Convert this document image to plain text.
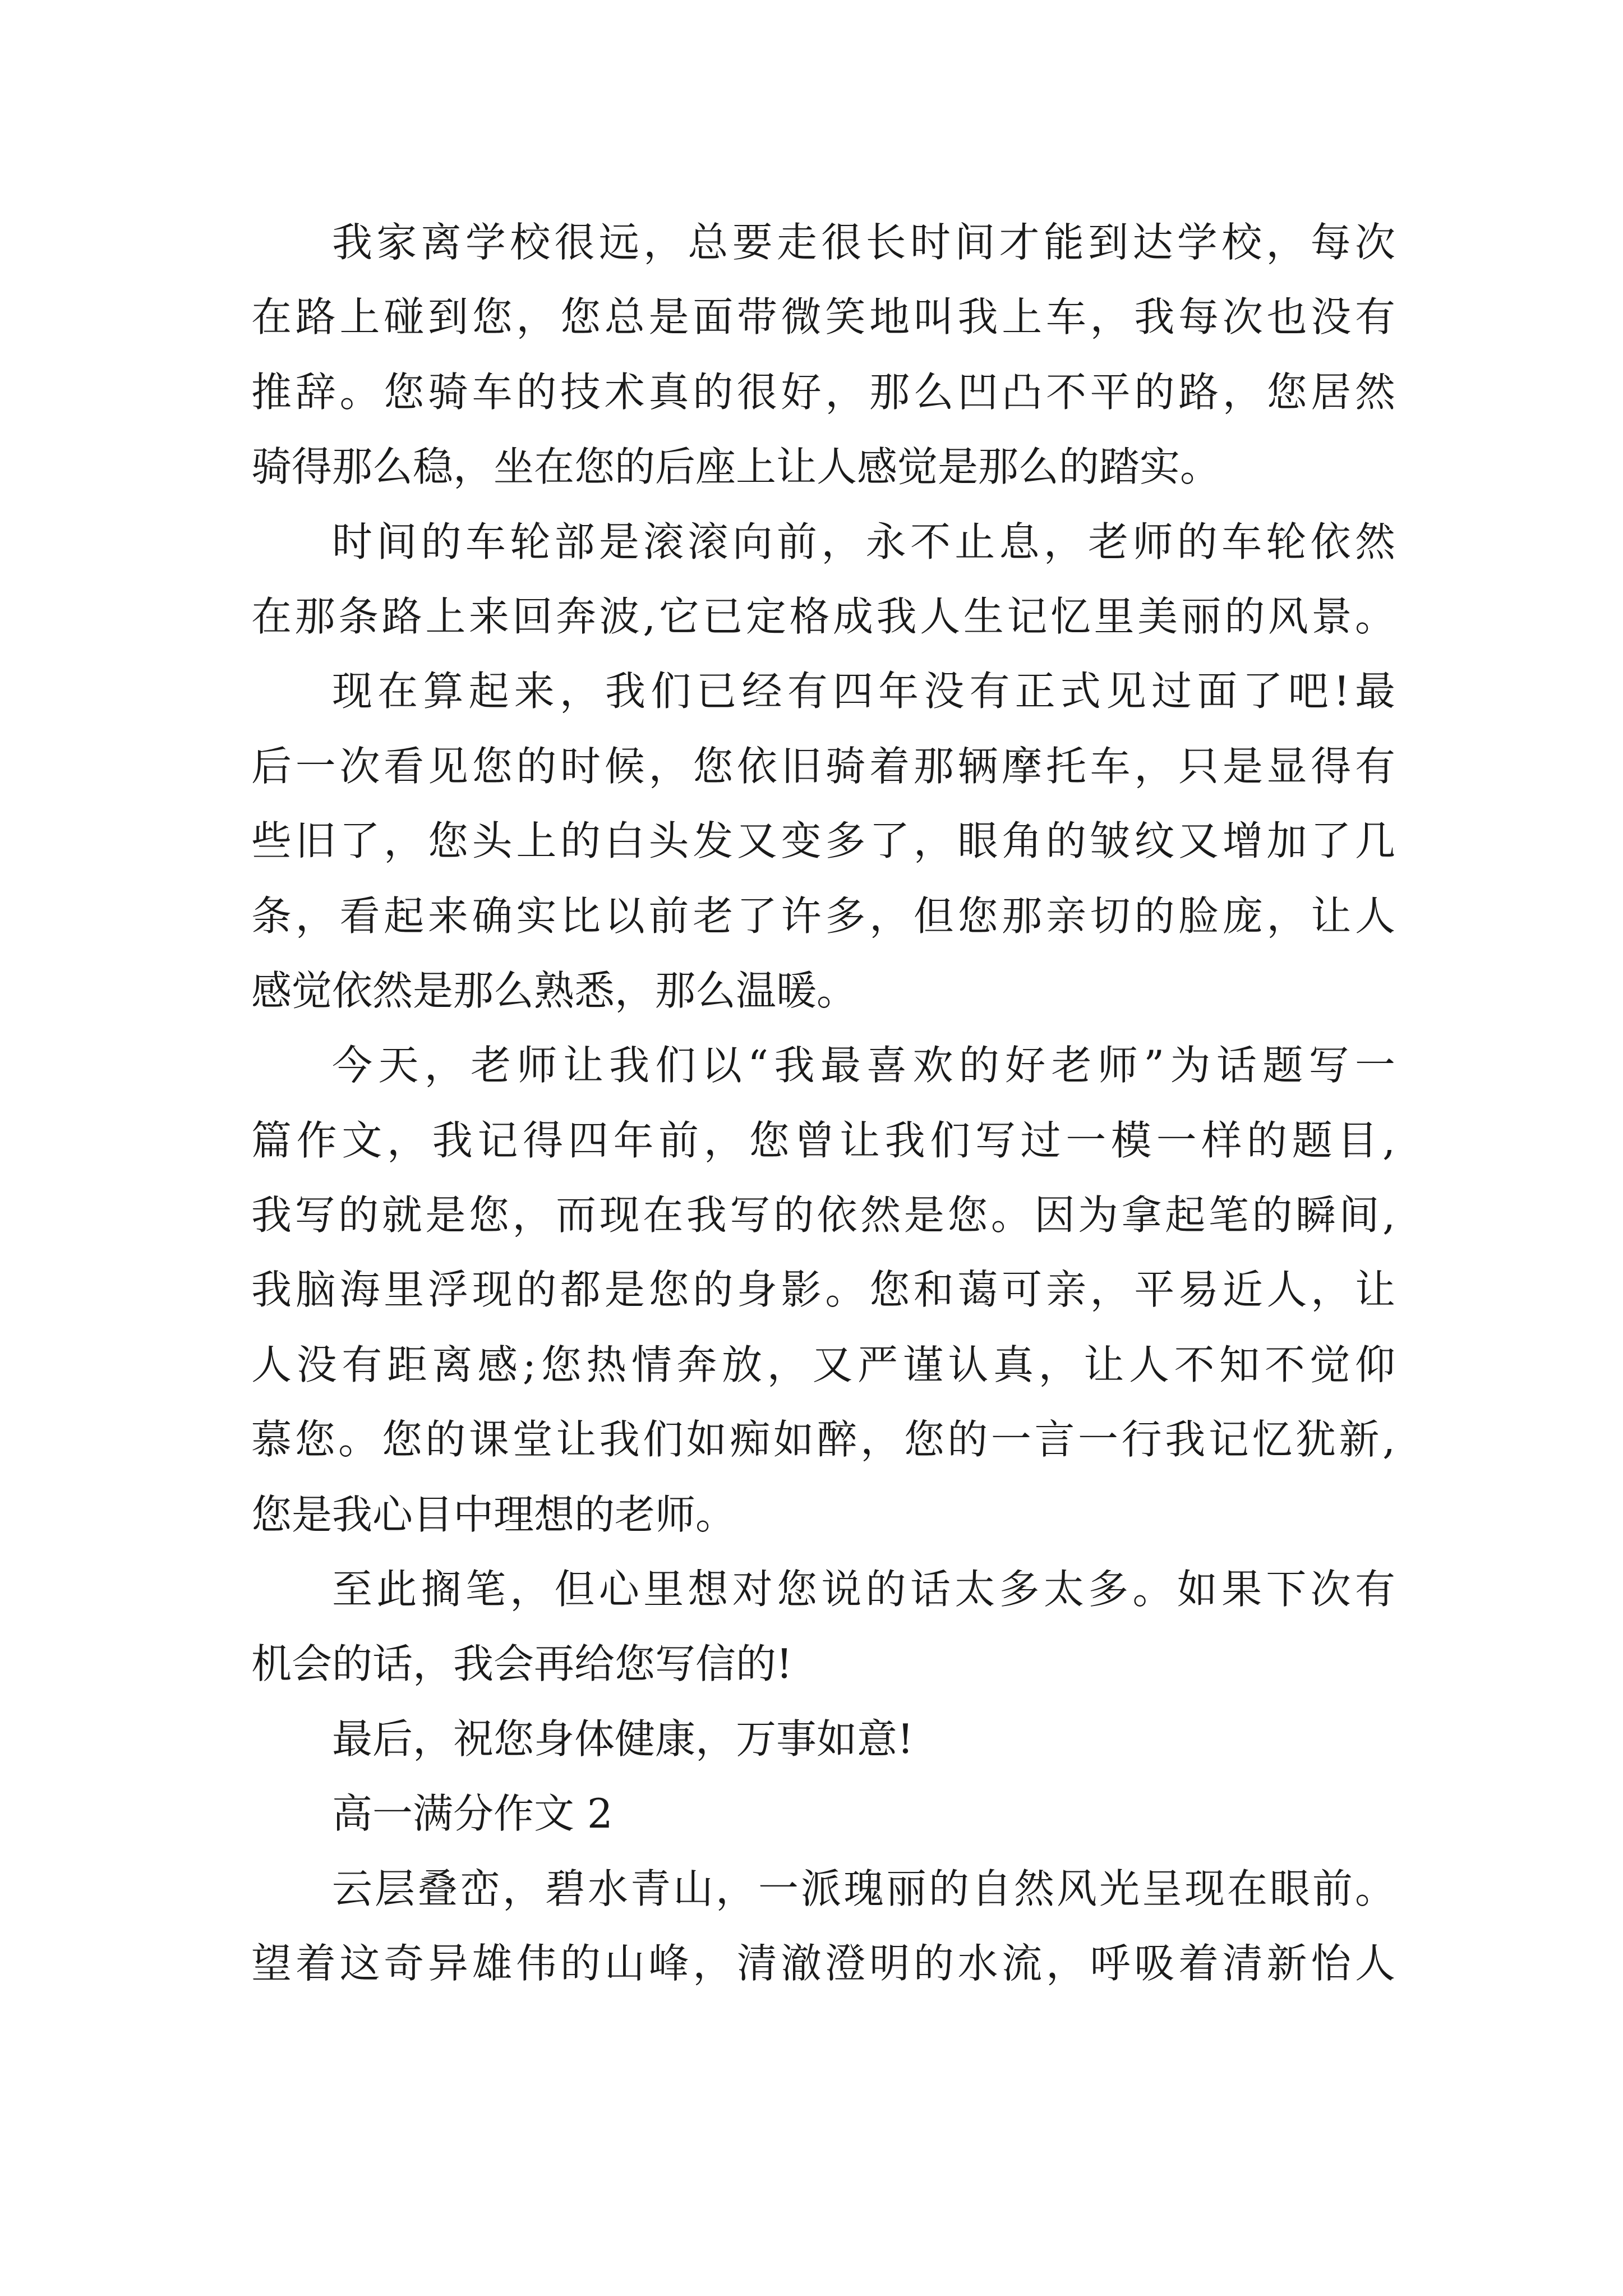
我家离学校很远，总要走很长时间才能到达学校，每次
在路上碰到您，您总是面带微笑地叫我上车，我每次也没有
推辞。您骑车的技术真的很好，那么凹凸不平的路，您居然
骑得那么稳，坐在您的后座上让人感觉是那么的踏实。
时间的车轮部是滚滚向前，永不止息，老师的车轮依然
在那条路上来回奔波,它已定格成我人生记忆里美丽的风景。
现在算起来，我们已经有四年没有正式见过面了吧!最
后一次看见您的时候，您依旧骑着那辆摩托车，只是显得有
些旧了，您头上的白头发又变多了，眼角的皱纹又增加了几
条，看起来确实比以前老了许多，但您那亲切的脸庞，让人
感觉依然是那么熟悉，那么温暖。
今天，老师让我们以“我最喜欢的好老师”为话题写一
篇作文，我记得四年前，您曾让我们写过一模一样的题目,
我写的就是您，而现在我写的依然是您。因为拿起笔的瞬间,
我脑海里浮现的都是您的身影。您和蔼可亲，平易近人，让
人没有距离感;您热情奔放，又严谨认真，让人不知不觉仰
慕您。您的课堂让我们如痴如醉，您的一言一行我记忆犹新,
您是我心目中理想的老师。
至此搁笔，但心里想对您说的话太多太多。如果下次有
机会的话，我会再给您写信的!
最后，祝您身体健康，万事如意!
高一满分作文 2
云层叠峦，碧水青山，一派瑰丽的自然风光呈现在眼前。
望着这奇异雄伟的山峰，清澈澄明的水流，呼吸着清新怡人
